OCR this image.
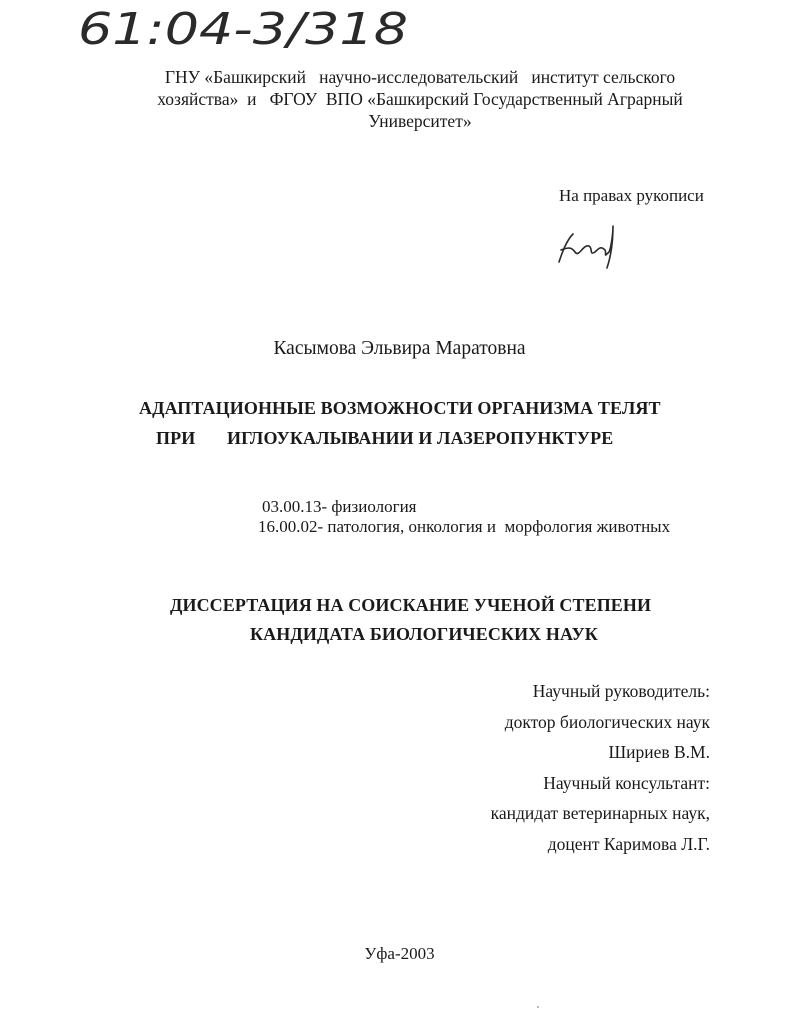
61:04-3/318
ГНУ «Башкирский   научно-исследовательский   институт сельского
хозяйства»  и   ФГОУ  ВПО «Башкирский Государственный Аграрный
Университет»
На правах рукописи
Касымова Эльвира Маратовна
АДАПТАЦИОННЫЕ ВОЗМОЖНОСТИ ОРГАНИЗМА ТЕЛЯТ
ПРИ ИГЛОУКАЛЫВАНИИ И ЛАЗЕРОПУНКТУРЕ
03.00.13- физиология
16.00.02- патология, онкология и  морфология животных
ДИССЕРТАЦИЯ НА СОИСКАНИЕ УЧЕНОЙ СТЕПЕНИ
КАНДИДАТА БИОЛОГИЧЕСКИХ НАУК
Научный руководитель:
доктор биологических наук
Шириев В.М.
Научный консультант:
кандидат ветеринарных наук,
доцент Каримова Л.Г.
Уфа-2003
